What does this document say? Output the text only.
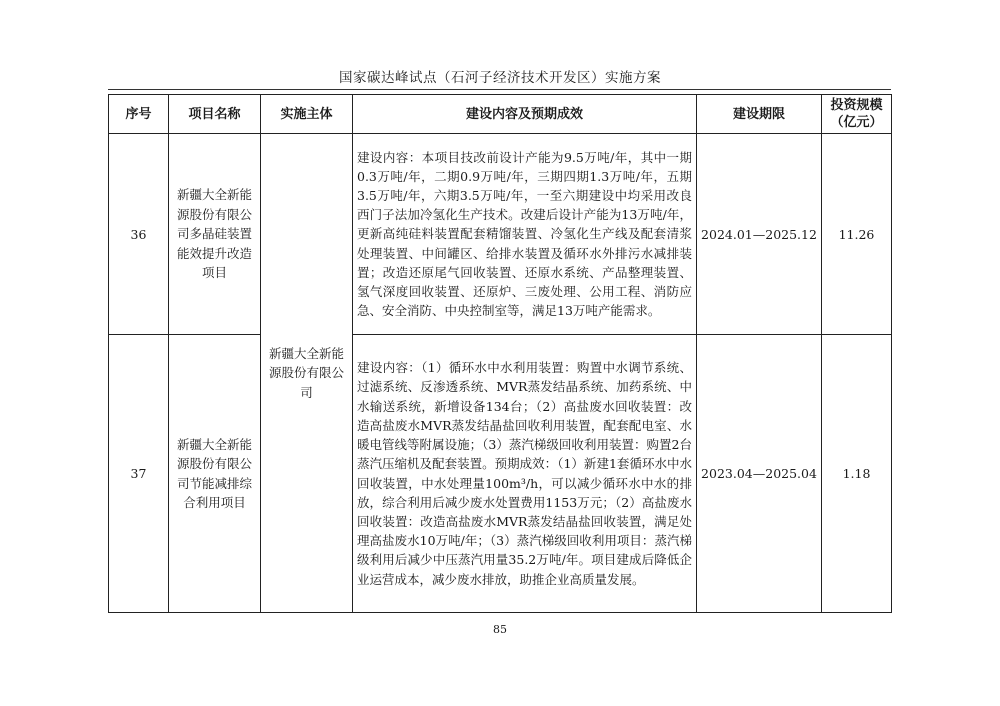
国家碳达峰试点（石河子经济技术开发区）实施方案
序号	项目名称	实施主体	建设内容及预期成效	建设期限	投资规模（亿元）
36	新疆大全新能源股份有限公司多晶硅装置能效提升改造项目	新疆大全新能源股份有限公司	建设内容：本项目技改前设计产能为9.5万吨/年，其中一期0.3万吨/年，二期0.9万吨/年，三期四期1.3万吨/年，五期3.5万吨/年，六期3.5万吨/年，一至六期建设中均采用改良西门子法加冷氢化生产技术。改建后设计产能为13万吨/年，更新高纯硅料装置配套精馏装置、冷氢化生产线及配套清浆处理装置、中间罐区、给排水装置及循环水外排污水减排装置；改造还原尾气回收装置、还原水系统、产品整理装置、氢气深度回收装置、还原炉、三废处理、公用工程、消防应急、安全消防、中央控制室等，满足13万吨产能需求。	2024.01—2025.12	11.26
37	新疆大全新能源股份有限公司节能减排综合利用项目		建设内容：（1）循环水中水利用装置：购置中水调节系统、过滤系统、反渗透系统、MVR蒸发结晶系统、加药系统、中水输送系统，新增设备134台；（2）高盐废水回收装置：改造高盐废水MVR蒸发结晶盐回收利用装置，配套配电室、水暖电管线等附属设施；（3）蒸汽梯级回收利用装置：购置2台蒸汽压缩机及配套装置。预期成效：（1）新建1套循环水中水回收装置，中水处理量100m³/h，可以减少循环水中水的排放，综合利用后减少废水处置费用1153万元；（2）高盐废水回收装置：改造高盐废水MVR蒸发结晶盐回收装置，满足处理高盐废水10万吨/年；（3）蒸汽梯级回收利用项目：蒸汽梯级利用后减少中压蒸汽用量35.2万吨/年。项目建成后降低企业运营成本，减少废水排放，助推企业高质量发展。	2023.04—2025.04	1.18
85
